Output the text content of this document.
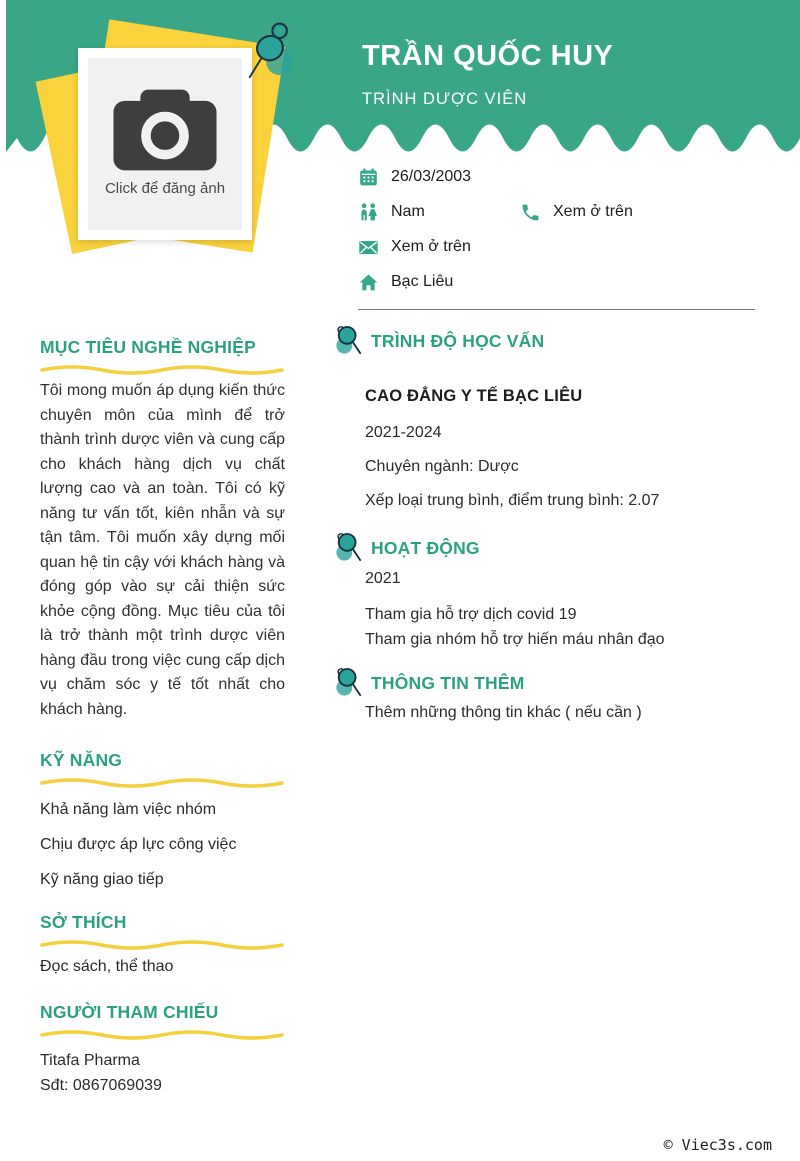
TRẦN QUỐC HUY
TRÌNH DƯỢC VIÊN
Click để đăng ảnh
26/03/2003
Nam	Xem ở trên
Xem ở trên
Bạc Liêu
MỤC TIÊU NGHỀ NGHIỆP
Tôi mong muốn áp dụng kiến thức chuyên môn của mình để trở thành trình dược viên và cung cấp cho khách hàng dịch vụ chất lượng cao và an toàn. Tôi có kỹ năng tư vấn tốt, kiên nhẫn và sự tận tâm. Tôi muốn xây dựng mối quan hệ tin cậy với khách hàng và đóng góp vào sự cải thiện sức khỏe cộng đồng. Mục tiêu của tôi là trở thành một trình dược viên hàng đầu trong việc cung cấp dịch vụ chăm sóc y tế tốt nhất cho khách hàng.
KỸ NĂNG
Khả năng làm việc nhóm
Chịu được áp lực công việc
Kỹ năng giao tiếp
SỞ THÍCH
Đọc sách, thể thao
NGƯỜI THAM CHIẾU
Titafa Pharma
Sđt: 0867069039
TRÌNH ĐỘ HỌC VẤN
CAO ĐẲNG Y TẾ BẠC LIÊU
2021-2024
Chuyên ngành: Dược
Xếp loại trung bình, điểm trung bình: 2.07
HOẠT ĐỘNG
2021
Tham gia hỗ trợ dịch covid 19
Tham gia nhóm hỗ trợ hiến máu nhân đạo
THÔNG TIN THÊM
Thêm những thông tin khác ( nếu cần )
© Viec3s.com
